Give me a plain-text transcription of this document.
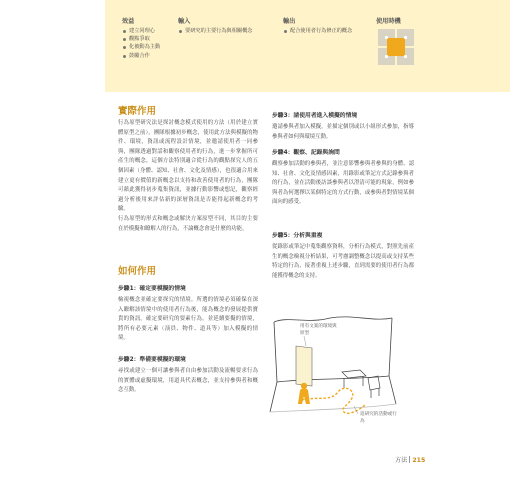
效益
建立同理心
觀點爭取
化被動為主動
鼓勵合作
輸入
要研究的主要行為與相關概念
輸出
配合使用者行為修正的概念
使用時機
實際作用

行為原型研究法是探討概念模式使用的方法（用於建立實體原型之前），團隊根據初步概念，使用此方法與模擬的物件、環境，資訊或流程設計情境，並邀請使用者一同參與，團隊透過對話和觀察使用者的行為，進一步掌握所可產生的概念，這個方法特別適合從行為的觀點探究人的五個因素（身體、認知、社會、文化及情感），也很適合用來建立更有價值的新概念以支持和改善使用者的行為，團隊可藉此獲得初步蒐集資訊，並據行動影響或想記，觀察經過分析後用來評估新的深層資訊是否能得起新概念的考驗。

行為原型的形式和概念或解決方案原型不同，其目的主要在於模擬和瞭解人的行為，不論概念會是什麼的功能。

如何作用

步驟1：確定要模擬的情境

檢視概念並確定要探究的情境。所選的情境必須確保在深入瞭解該情境中的使用者行為後，能為概念的發展提供寶貴的資訊。確定要研究的要素行為，並延續要擬的情境，將所有必要元素（演員、物件、道具等）加入模擬的情境。

步驟2：準備要模擬的環境

尋找或建立一個可讓參與者自由參加活動及流暢要求行為的實體或虛擬環境，用道具代表概念，並支持參與者和概念互動。

步驟3：請使用者進入模擬的情境

邀請參與者加入模擬，並描定個別或以小組形式參加，指導參與者如何與環境互動。

步驟4：觀察、記錄與詢問

觀察參加活動的參與者，並注意影響參與者參與的身體、認知、社會、文化及情感因素，用錄影或筆記方式記錄參與者的行為，並在活動後訪談參與者以澄清可能的現象，例如參與者為何選擇以某個特定的方式行動，或參與者對情境某個面向的感受。

步驟5：分析與重複

從錄影或筆記中蒐集觀察資料，分析行為模式，對照先前產生的概念檢視分析結果，可考慮調整概念以提高或支持某些特定的行為，接著重複上述步驟，直到需要的使用者行為都能獲得概念的支持。

用有文案的環境與原型

追研究的活動或行為

方法 215
